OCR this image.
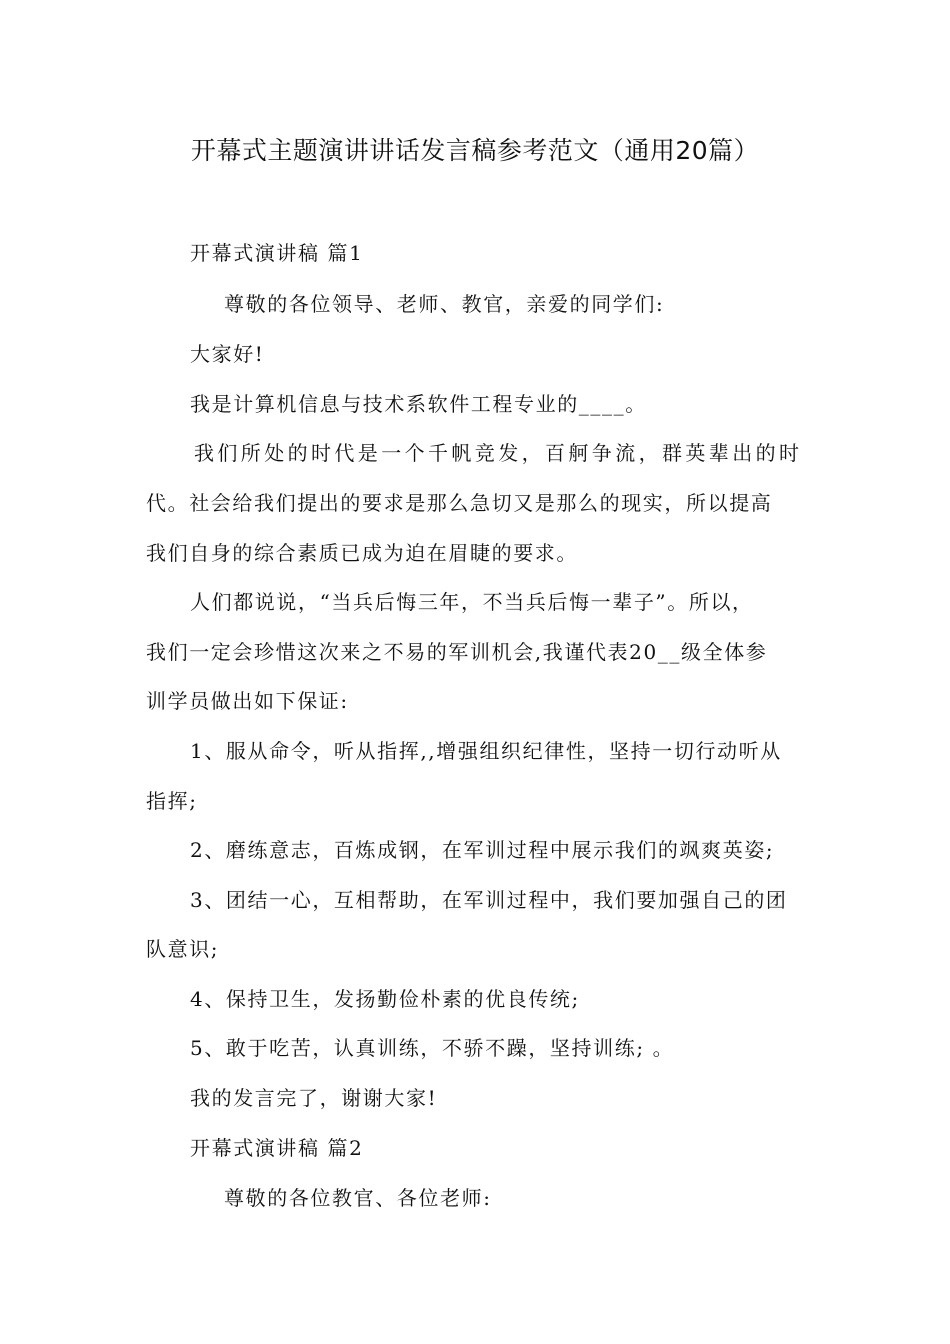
开幕式主题演讲讲话发言稿参考范文（通用20篇）
开幕式演讲稿 篇1
尊敬的各位领导、老师、教官，亲爱的同学们:
大家好!
我是计算机信息与技术系软件工程专业的____。
我们所处的时代是一个千帆竞发，百舸争流，群英辈出的时
代。社会给我们提出的要求是那么急切又是那么的现实，所以提高
我们自身的综合素质已成为迫在眉睫的要求。
人们都说说，“当兵后悔三年，不当兵后悔一辈子”。所以，
我们一定会珍惜这次来之不易的军训机会,我谨代表20__级全体参
训学员做出如下保证:
1、服从命令，听从指挥,,增强组织纪律性，坚持一切行动听从
指挥;
2、磨练意志，百炼成钢，在军训过程中展示我们的飒爽英姿;
3、团结一心，互相帮助，在军训过程中，我们要加强自己的团
队意识;
4、保持卫生，发扬勤俭朴素的优良传统;
5、敢于吃苦，认真训练，不骄不躁，坚持训练; 。
我的发言完了，谢谢大家!
开幕式演讲稿 篇2
尊敬的各位教官、各位老师:
